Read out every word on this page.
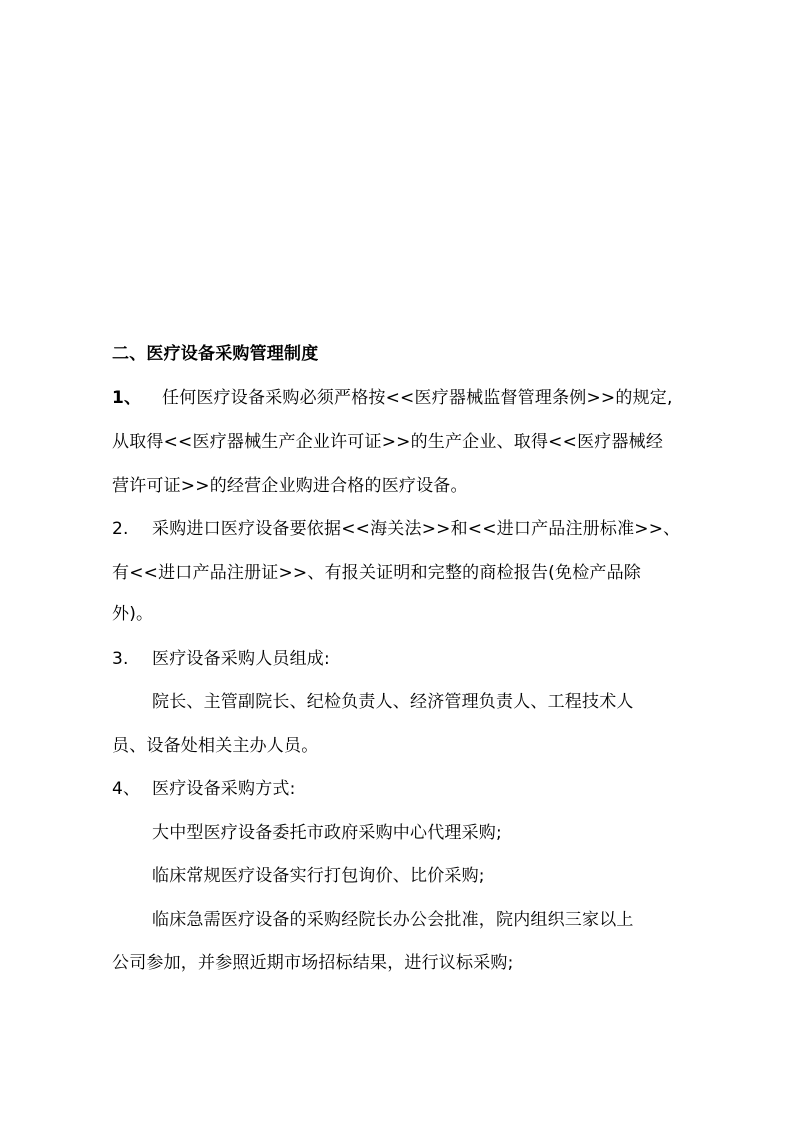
二、医疗设备采购管理制度
1、 任何医疗设备采购必须严格按<<医疗器械监督管理条例>>的规定,
从取得<<医疗器械生产企业许可证>>的生产企业、取得<<医疗器械经
营许可证>>的经营企业购进合格的医疗设备。
2. 采购进口医疗设备要依据<<海关法>>和<<进口产品注册标准>>、
有<<进口产品注册证>>、有报关证明和完整的商检报告(免检产品除
外)。
3. 医疗设备采购人员组成:
院长、主管副院长、纪检负责人、经济管理负责人、工程技术人
员、设备处相关主办人员。
4、 医疗设备采购方式:
大中型医疗设备委托市政府采购中心代理采购;
临床常规医疗设备实行打包询价、比价采购;
临床急需医疗设备的采购经院长办公会批准，院内组织三家以上
公司参加，并参照近期市场招标结果，进行议标采购;
